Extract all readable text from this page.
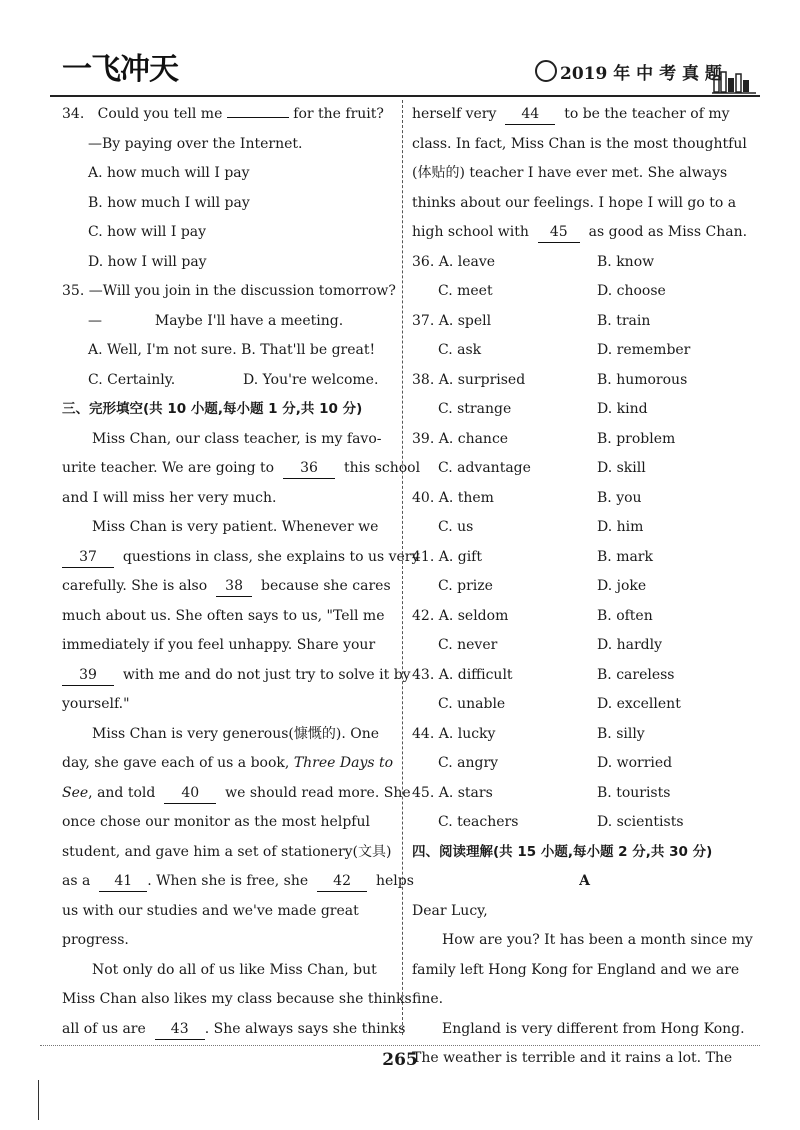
一飞冲天	2019 年 中 考 真 题
34. Could you tell me	for the fruit?
—By paying over the Internet.
A. how much will I pay
B. how much I will pay
C. how will I pay
D. how I will pay
35. —Will you join in the discussion tomorrow?
—	Maybe I'll have a meeting.
A. Well, I'm not sure. B. That'll be great!
C. Certainly.	D. You're welcome.
三、完形填空(共 10 小题,每小题 1 分,共 10 分)
Miss Chan, our class teacher, is my favo-
urite teacher. We are going to 36 this school
and I will miss her very much.
Miss Chan is very patient. Whenever we
37 questions in class, she explains to us very
carefully. She is also 38 because she cares
much about us. She often says to us, "Tell me
immediately if you feel unhappy. Share your
39 with me and do not just try to solve it by
yourself."
Miss Chan is very generous(慷慨的). One
day, she gave each of us a book, Three Days to
See, and told 40 we should read more. She
once chose our monitor as the most helpful
student, and gave him a set of stationery(文具)
as a 41 . When she is free, she 42 helps
us with our studies and we've made great
progress.
Not only do all of us like Miss Chan, but
Miss Chan also likes my class because she thinks
all of us are 43 . She always says she thinks
herself very 44 to be the teacher of my
class. In fact, Miss Chan is the most thoughtful
(体贴的) teacher I have ever met. She always
thinks about our feelings. I hope I will go to a
high school with 45 as good as Miss Chan.
36. A. leave	B. know
C. meet	D. choose
37. A. spell	B. train
C. ask	D. remember
38. A. surprised	B. humorous
C. strange	D. kind
39. A. chance	B. problem
C. advantage	D. skill
40. A. them	B. you
C. us	D. him
41. A. gift	B. mark
C. prize	D. joke
42. A. seldom	B. often
C. never	D. hardly
43. A. difficult	B. careless
C. unable	D. excellent
44. A. lucky	B. silly
C. angry	D. worried
45. A. stars	B. tourists
C. teachers	D. scientists
四、阅读理解(共 15 小题,每小题 2 分,共 30 分)
A
Dear Lucy,
How are you? It has been a month since my
family left Hong Kong for England and we are
fine.
England is very different from Hong Kong.
The weather is terrible and it rains a lot. The
265
